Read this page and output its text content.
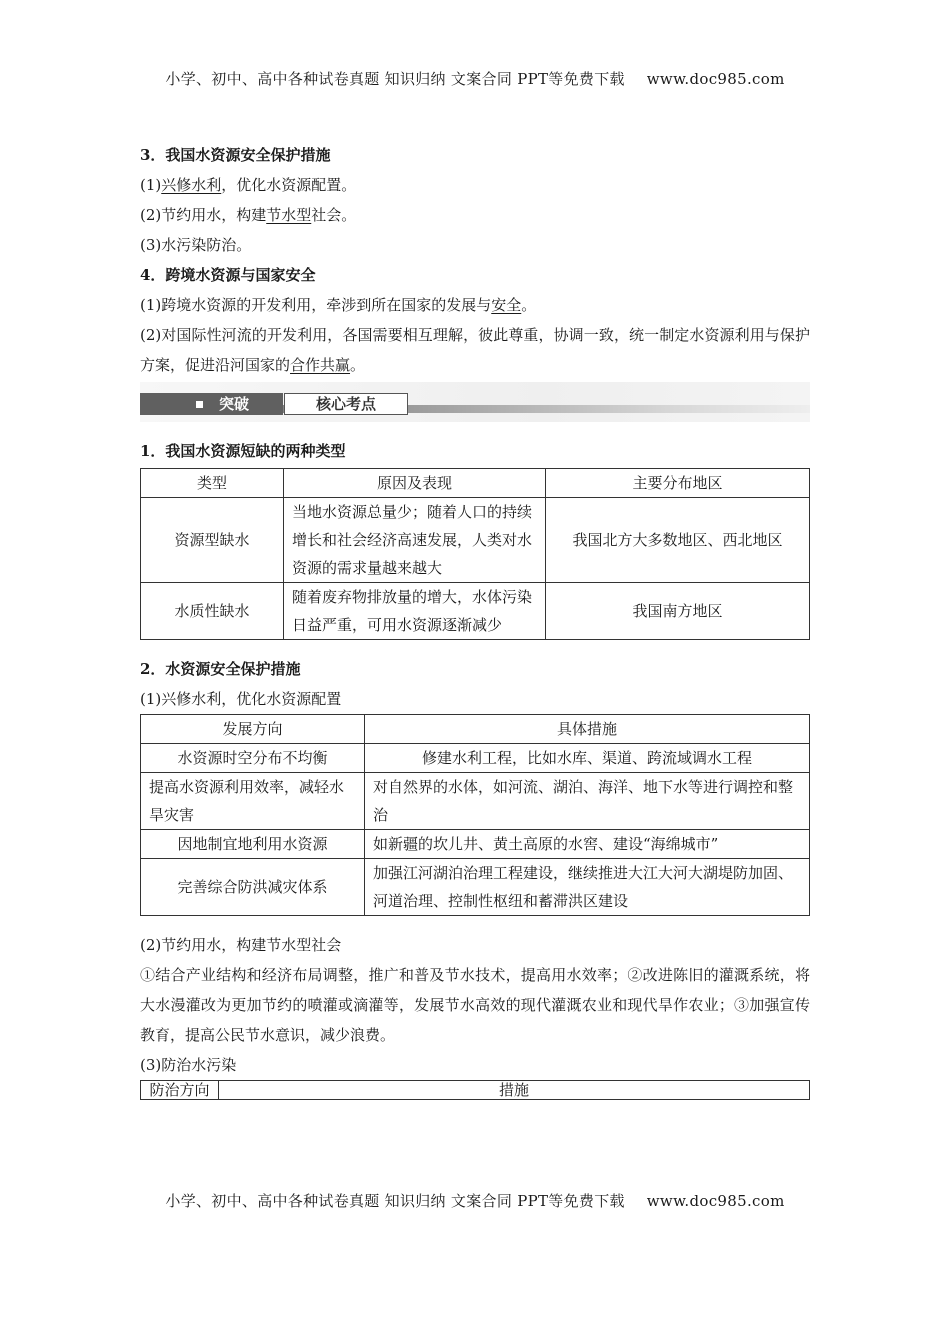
小学、初中、高中各种试卷真题 知识归纳 文案合同 PPT等免费下载 www.doc985.com
3．我国水资源安全保护措施
(1)兴修水利，优化水资源配置。
(2)节约用水，构建节水型社会。
(3)水污染防治。
4．跨境水资源与国家安全
(1)跨境水资源的开发利用，牵涉到所在国家的发展与安全。
(2)对国际性河流的开发利用，各国需要相互理解，彼此尊重，协调一致，统一制定水资源利用与保护方案，促进沿河国家的合作共赢。
突破	核心考点
1．我国水资源短缺的两种类型
类型	原因及表现	主要分布地区
资源型缺水	当地水资源总量少；随着人口的持续增长和社会经济高速发展，人类对水资源的需求量越来越大	我国北方大多数地区、西北地区
水质性缺水	随着废弃物排放量的增大，水体污染日益严重，可用水资源逐渐减少	我国南方地区
2．水资源安全保护措施
(1)兴修水利，优化水资源配置
发展方向	具体措施
水资源时空分布不均衡	修建水利工程，比如水库、渠道、跨流域调水工程
提高水资源利用效率，减轻水旱灾害	对自然界的水体，如河流、湖泊、海洋、地下水等进行调控和整治
因地制宜地利用水资源	如新疆的坎儿井、黄土高原的水窖、建设“海绵城市”
完善综合防洪减灾体系	加强江河湖泊治理工程建设，继续推进大江大河大湖堤防加固、河道治理、控制性枢纽和蓄滞洪区建设
(2)节约用水，构建节水型社会
①结合产业结构和经济布局调整，推广和普及节水技术，提高用水效率；②改进陈旧的灌溉系统，将大水漫灌改为更加节约的喷灌或滴灌等，发展节水高效的现代灌溉农业和现代旱作农业；③加强宣传教育，提高公民节水意识，减少浪费。
(3)防治水污染
防治方向	措施
小学、初中、高中各种试卷真题 知识归纳 文案合同 PPT等免费下载 www.doc985.com
